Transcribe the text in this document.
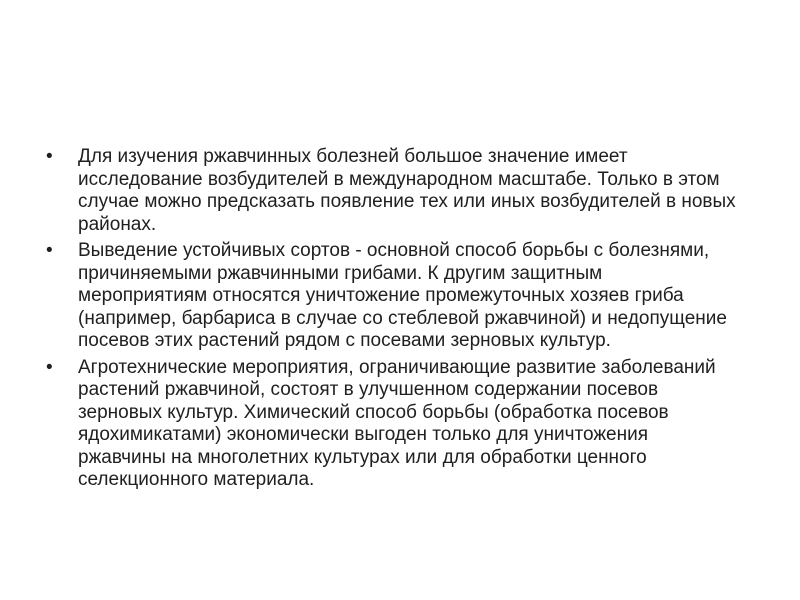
• Для изучения ржавчинных болезней большое значение имеет исследование возбудителей в международном масштабе. Только в этом случае можно предсказать появление тех или иных возбудителей в новых районах.
• Выведение устойчивых сортов - основной способ борьбы с болезнями, причиняемыми ржавчинными грибами. К другим защитным мероприятиям относятся уничтожение промежуточных хозяев гриба (например, барбариса в случае со стеблевой ржавчиной) и недопущение посевов этих растений рядом с посевами зерновых культур.
• Агротехнические мероприятия, ограничивающие развитие заболеваний растений ржавчиной, состоят в улучшенном содержании посевов зерновых культур. Химический способ борьбы (обработка посевов ядохимикатами) экономически выгоден только для уничтожения ржавчины на многолетних культурах или для обработки ценного селекционного материала.
